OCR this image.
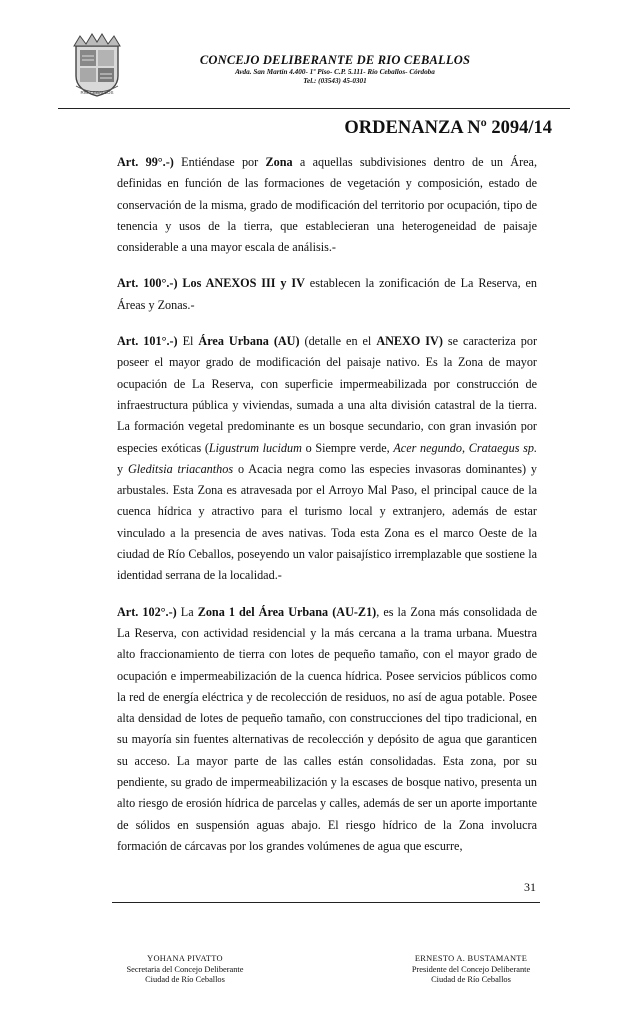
RIO CEBALLOS
CONCEJO DELIBERANTE DE RIO CEBALLOS
Avda. San Martín 4.400- 1º Piso- C.P. 5.111- Río Ceballos- Córdoba
Tel.: (03543) 45-0301
ORDENANZA Nº 2094/14

Art. 99°.-) Entiéndase por Zona a aquellas subdivisiones dentro de un Área, definidas en función de las formaciones de vegetación y composición, estado de conservación de la misma, grado de modificación del territorio por ocupación, tipo de tenencia y usos de la tierra, que establecieran una heterogeneidad de paisaje considerable a una mayor escala de análisis.-

Art. 100°.-) Los ANEXOS III y IV establecen la zonificación de La Reserva, en Áreas y Zonas.-

Art. 101°.-) El Área Urbana (AU) (detalle en el ANEXO IV) se caracteriza por poseer el mayor grado de modificación del paisaje nativo. Es la Zona de mayor ocupación de La Reserva, con superficie impermeabilizada por construcción de infraestructura pública y viviendas, sumada a una alta división catastral de la tierra. La formación vegetal predominante es un bosque secundario, con gran invasión por especies exóticas (Ligustrum lucidum o Siempre verde, Acer negundo, Crataegus sp. y Gleditsia triacanthos o Acacia negra como las especies invasoras dominantes) y arbustales. Esta Zona es atravesada por el Arroyo Mal Paso, el principal cauce de la cuenca hídrica y atractivo para el turismo local y extranjero, además de estar vinculado a la presencia de aves nativas. Toda esta Zona es el marco Oeste de la ciudad de Río Ceballos, poseyendo un valor paisajístico irremplazable que sostiene la identidad serrana de la localidad.-

Art. 102°.-) La Zona 1 del Área Urbana (AU-Z1), es la Zona más consolidada de La Reserva, con actividad residencial y la más cercana a la trama urbana. Muestra alto fraccionamiento de tierra con lotes de pequeño tamaño, con el mayor grado de ocupación e impermeabilización de la cuenca hídrica. Posee servicios públicos como la red de energía eléctrica y de recolección de residuos, no así de agua potable. Posee alta densidad de lotes de pequeño tamaño, con construcciones del tipo tradicional, en su mayoría sin fuentes alternativas de recolección y depósito de agua que garanticen su acceso. La mayor parte de las calles están consolidadas. Esta zona, por su pendiente, su grado de impermeabilización y la escases de bosque nativo, presenta un alto riesgo de erosión hídrica de parcelas y calles, además de ser un aporte importante de sólidos en suspensión aguas abajo. El riesgo hídrico de la Zona involucra formación de cárcavas por los grandes volúmenes de agua que escurre,

31
YOHANA PIVATTO
Secretaria del Concejo Deliberante
Ciudad de Río Ceballos
ERNESTO A. BUSTAMANTE
Presidente del Concejo Deliberante
Ciudad de Río Ceballos
